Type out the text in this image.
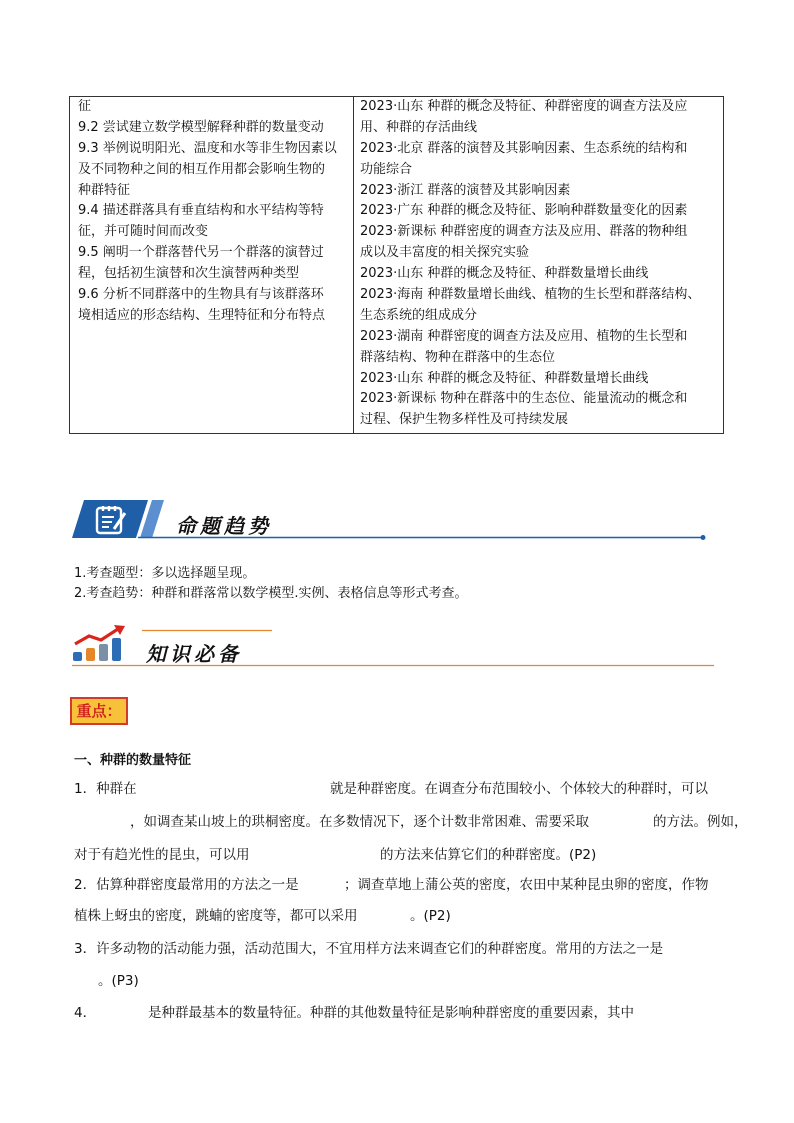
征
9.2 尝试建立数学模型解释种群的数量变动
9.3 举例说明阳光、温度和水等非生物因素以
及不同物种之间的相互作用都会影响生物的
种群特征
9.4 描述群落具有垂直结构和水平结构等特
征，并可随时间而改变
9.5 阐明一个群落替代另一个群落的演替过
程，包括初生演替和次生演替两种类型
9.6 分析不同群落中的生物具有与该群落环
境相适应的形态结构、生理特征和分布特点
2023·山东 种群的概念及特征、种群密度的调查方法及应
用、种群的存活曲线
2023·北京 群落的演替及其影响因素、生态系统的结构和
功能综合
2023·浙江 群落的演替及其影响因素
2023·广东 种群的概念及特征、影响种群数量变化的因素
2023·新课标 种群密度的调查方法及应用、群落的物种组
成以及丰富度的相关探究实验
2023·山东 种群的概念及特征、种群数量增长曲线
2023·海南 种群数量增长曲线、植物的生长型和群落结构、
生态系统的组成成分
2023·湖南 种群密度的调查方法及应用、植物的生长型和
群落结构、物种在群落中的生态位
2023·山东 种群的概念及特征、种群数量增长曲线
2023·新课标 物种在群落中的生态位、能量流动的概念和
过程、保护生物多样性及可持续发展
命题趋势
1.考查题型：多以选择题呈现。
2.考查趋势：种群和群落常以数学模型.实例、表格信息等形式考查。
知识必备
重点：
一、种群的数量特征
1．种群在	就是种群密度。在调查分布范围较小、个体较大的种群时，可以
，如调查某山坡上的珙桐密度。在多数情况下，逐个计数非常困难、需要采取	的方法。例如，
对于有趋光性的昆虫，可以用	的方法来估算它们的种群密度。(P2)
2．估算种群密度最常用的方法之一是	；调查草地上蒲公英的密度，农田中某种昆虫卵的密度，作物
植株上蚜虫的密度，跳蝻的密度等，都可以采用	。(P2)
3．许多动物的活动能力强，活动范围大，不宜用样方法来调查它们的种群密度。常用的方法之一是
。(P3)
4．	是种群最基本的数量特征。种群的其他数量特征是影响种群密度的重要因素，其中
